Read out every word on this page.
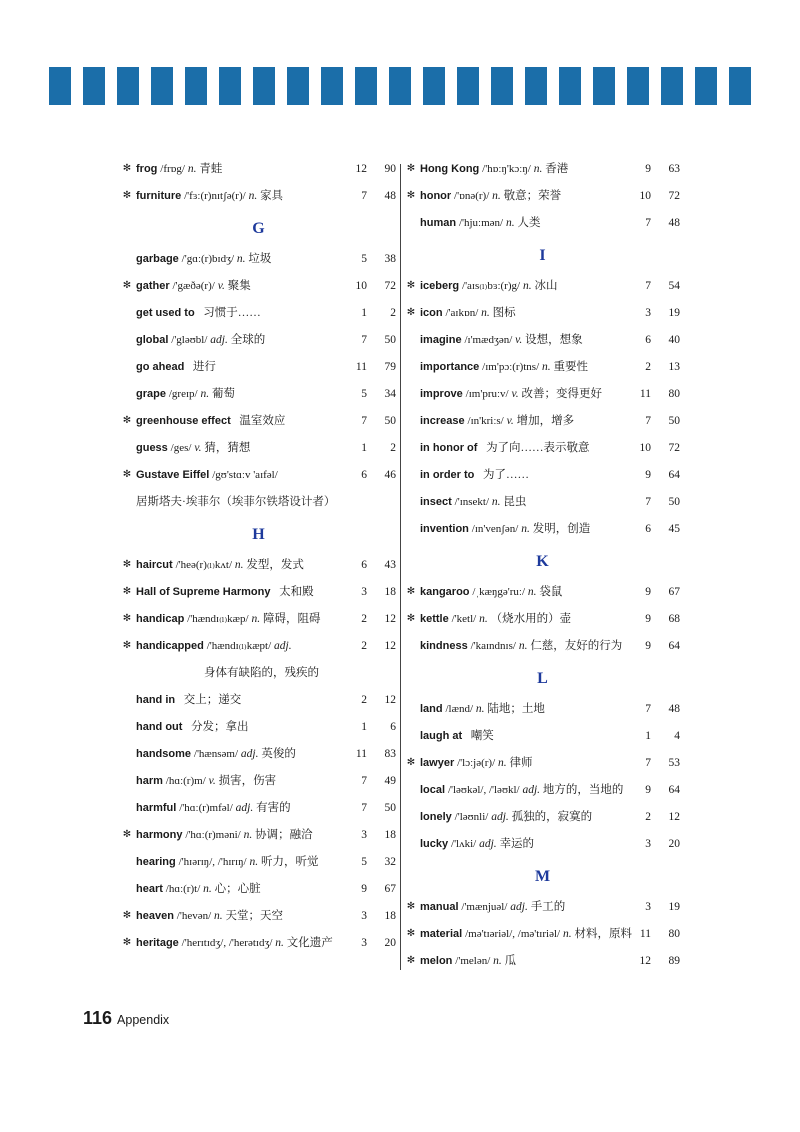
✻ frog /frɒg/ n. 青蛙	12	90
✻ furniture /'fɜː(r)nɪtʃə(r)/ n. 家具	7	48
G
garbage /'gɑː(r)bɪdʒ/ n. 垃圾	5	38
✻ gather /'gæðə(r)/ v. 聚集	10	72
get used to 习惯于……	1	2
global /'gləʊbl/ adj. 全球的	7	50
go ahead 进行	11	79
grape /greɪp/ n. 葡萄	5	34
✻ greenhouse effect 温室效应	7	50
guess /ges/ v. 猜，猜想	1	2
✻ Gustave Eiffel /gʊ'stɑːv 'aɪfəl/	6	46
居斯塔夫·埃菲尔（埃菲尔铁塔设计者）
H
✻ haircut /'heə(r)₍ₗ₎kʌt/ n. 发型，发式	6	43
✻ Hall of Supreme Harmony 太和殿	3	18
✻ handicap /'hændɪ₍ₗ₎kæp/ n. 障碍，阻碍	2	12
✻ handicapped /'hændɪ₍ₗ₎kæpt/ adj.	2	12
身体有缺陷的，残疾的
hand in 交上；递交	2	12
hand out 分发；拿出	1	6
handsome /'hænsəm/ adj. 英俊的	11	83
harm /hɑː(r)m/ v. 损害，伤害	7	49
harmful /'hɑː(r)mfəl/ adj. 有害的	7	50
✻ harmony /'hɑː(r)məni/ n. 协调；融洽	3	18
hearing /'hɪərɪŋ/, /'hɪrɪŋ/ n. 听力，听觉	5	32
heart /hɑː(r)t/ n. 心；心脏	9	67
✻ heaven /'hevən/ n. 天堂；天空	3	18
✻ heritage /'herɪtɪdʒ/, /'herətɪdʒ/ n. 文化遗产	3	20
✻ Hong Kong /'hɒːŋ'kɔːŋ/ n. 香港	9	63
✻ honor /'ɒnə(r)/ n. 敬意；荣誉	10	72
human /'hjuːmən/ n. 人类	7	48
I
✻ iceberg /'aɪs₍ₗ₎bɜː(r)g/ n. 冰山	7	54
✻ icon /'aɪkɒn/ n. 图标	3	19
imagine /ɪ'mædʒən/ v. 设想，想象	6	40
importance /ɪm'pɔː(r)tns/ n. 重要性	2	13
improve /ɪm'pruːv/ v. 改善；变得更好	11	80
increase /ɪn'kriːs/ v. 增加，增多	7	50
in honor of 为了向……表示敬意	10	72
in order to 为了……	9	64
insect /'ɪnsekt/ n. 昆虫	7	50
invention /ɪn'venʃən/ n. 发明，创造	6	45
K
✻ kangaroo /ˌkæŋgə'ruː/ n. 袋鼠	9	67
✻ kettle /'ketl/ n. （烧水用的）壶	9	68
kindness /'kaɪndnɪs/ n. 仁慈，友好的行为	9	64
L
land /lænd/ n. 陆地；土地	7	48
laugh at 嘲笑	1	4
✻ lawyer /'lɔːjə(r)/ n. 律师	7	53
local /'ləʊkəl/, /'ləʊkl/ adj. 地方的，当地的	9	64
lonely /'ləʊnli/ adj. 孤独的，寂寞的	2	12
lucky /'lʌki/ adj. 幸运的	3	20
M
✻ manual /'mænjuəl/ adj. 手工的	3	19
✻ material /mə'tɪəriəl/, /mə'tɪriəl/ n. 材料，原料 11	80
✻ melon /'melən/ n. 瓜	12	89
116 Appendix
